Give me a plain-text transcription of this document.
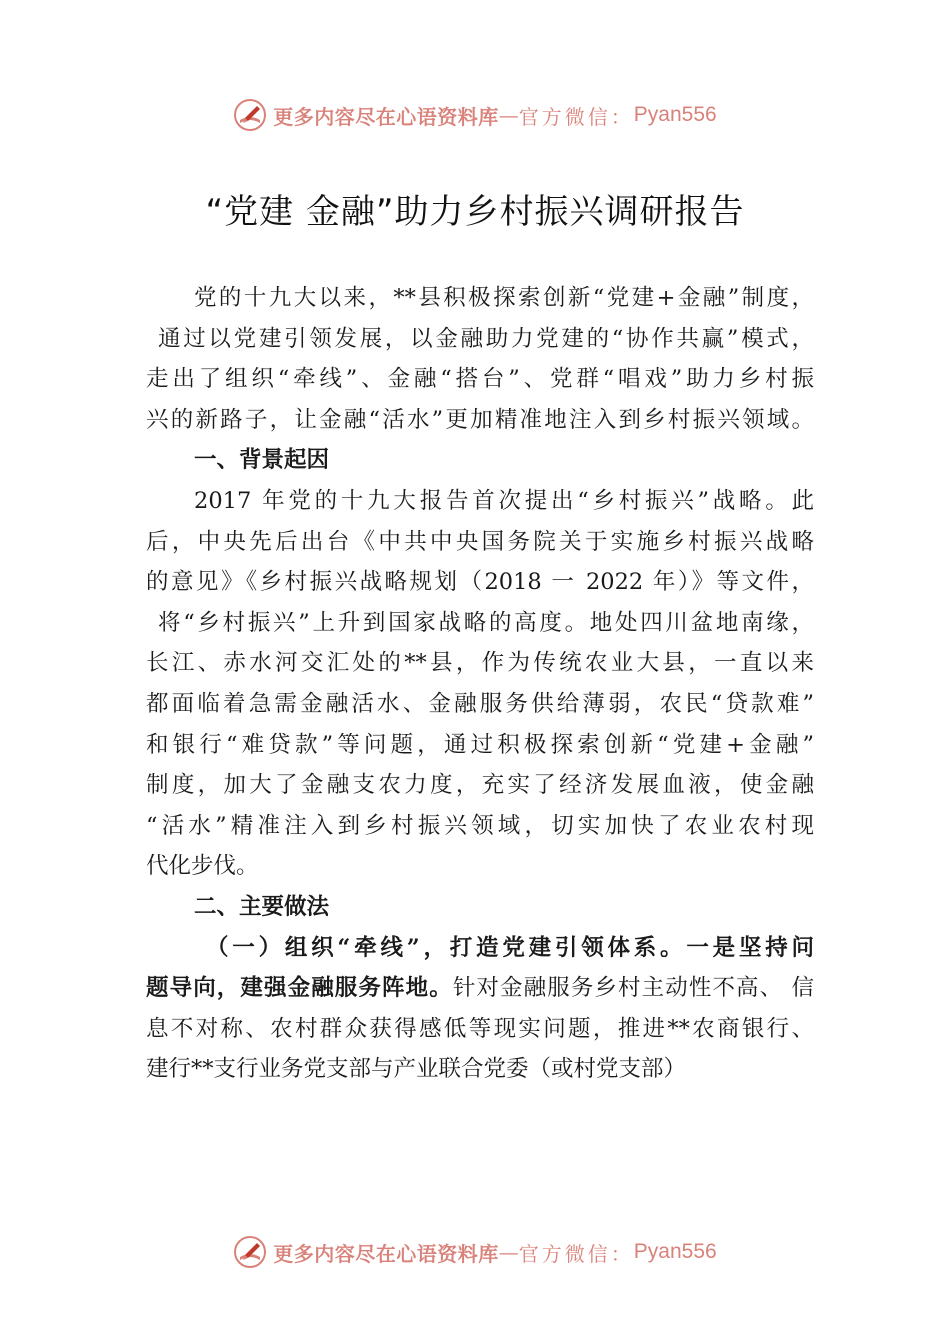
更多内容尽在心语资料库 — 官方微信： Pyan556
“党建 金融”助力乡村振兴调研报告
党的十九大以来，**县积极探索创新“党建+金融”制度，
通过以党建引领发展，以金融助力党建的“协作共赢”模式，
走出了组织“牵线”、金融“搭台”、党群“唱戏”助力乡村振
兴的新路子，让金融“活水”更加精准地注入到乡村振兴领域。
一、背景起因
2017 年党的十九大报告首次提出“乡村振兴”战略。此
后，中央先后出台《中共中央国务院关于实施乡村振兴战略
的意见》《乡村振兴战略规划（2018 一 2022 年）》等文件，
将“乡村振兴”上升到国家战略的高度。地处四川盆地南缘，
长江、赤水河交汇处的**县，作为传统农业大县，一直以来
都面临着急需金融活水、金融服务供给薄弱，农民“贷款难”
和银行“难贷款”等问题，通过积极探索创新“党建+金融”
制度，加大了金融支农力度，充实了经济发展血液，使金融
“活水”精准注入到乡村振兴领域，切实加快了农业农村现
代化步伐。
二、主要做法
（一）组织“牵线”，打造党建引领体系。一是坚持问
题导向，建强金融服务阵地。针对金融服务乡村主动性不高、 信
息不对称、农村群众获得感低等现实问题，推进**农商银行、
建行**支行业务党支部与产业联合党委（或村党支部）
更多内容尽在心语资料库 — 官方微信： Pyan556
